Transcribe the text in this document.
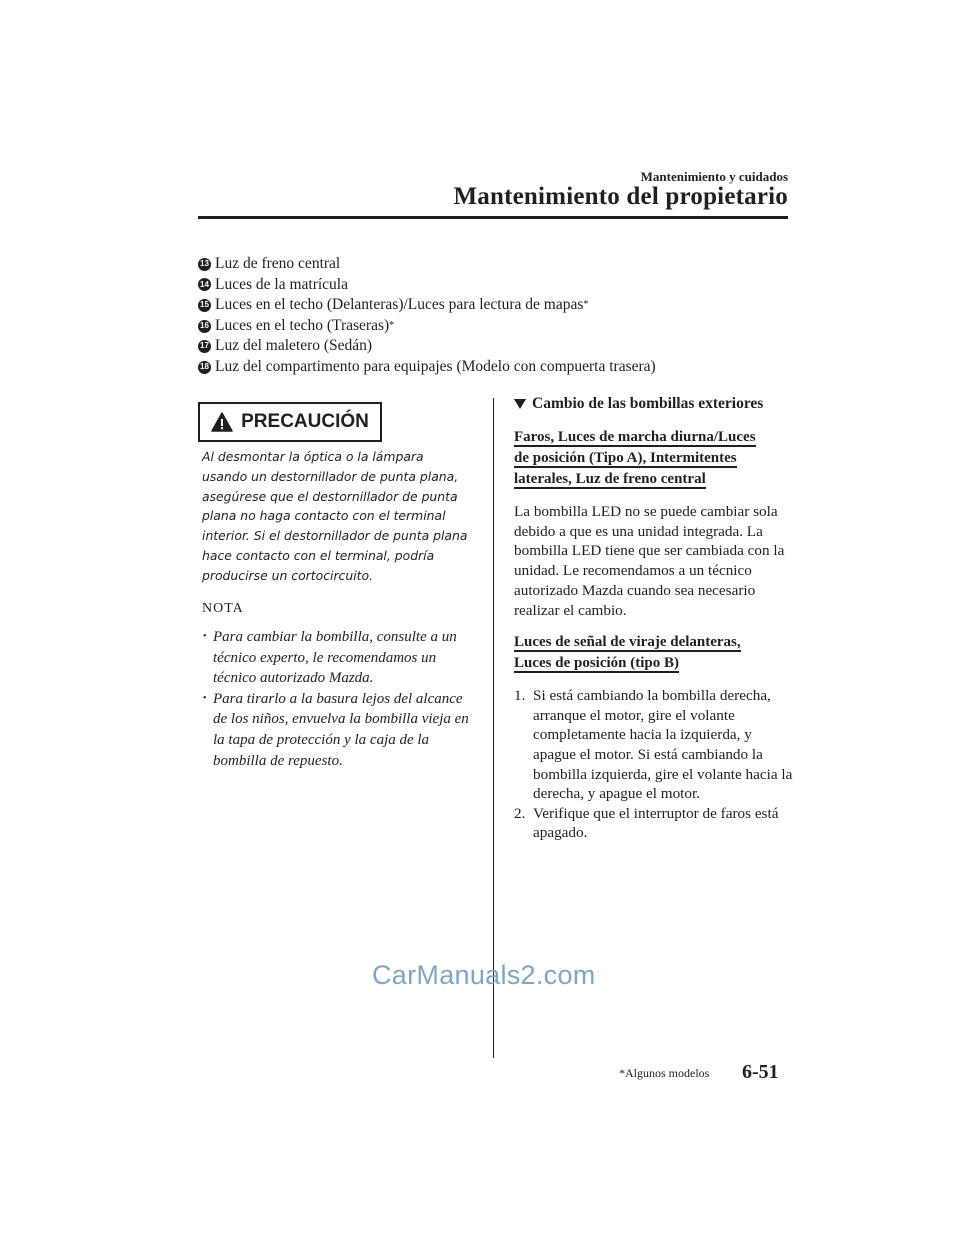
Mantenimiento y cuidados
Mantenimiento del propietario
13 Luz de freno central
14 Luces de la matrícula
15 Luces en el techo (Delanteras)/Luces para lectura de mapas *
16 Luces en el techo (Traseras) *
17 Luz del maletero (Sedán)
18 Luz del compartimento para equipajes (Modelo con compuerta trasera)
PRECAUCIÓN

Al desmontar la óptica o la lámpara usando un destornillador de punta plana, asegúrese que el destornillador de punta plana no haga contacto con el terminal interior. Si el destornillador de punta plana hace contacto con el terminal, podría producirse un cortocircuito.

NOTA
• Para cambiar la bombilla, consulte a un técnico experto, le recomendamos un técnico autorizado Mazda.
• Para tirarlo a la basura lejos del alcance de los niños, envuelva la bombilla vieja en la tapa de protección y la caja de la bombilla de repuesto.

Cambio de las bombillas exteriores

Faros, Luces de marcha diurna/Luces

de posición (Tipo A), Intermitentes

laterales, Luz de freno central

La bombilla LED no se puede cambiar sola debido a que es una unidad integrada. La bombilla LED tiene que ser cambiada con la unidad. Le recomendamos a un técnico autorizado Mazda cuando sea necesario realizar el cambio.

Luces de señal de viraje delanteras,

Luces de posición (tipo B)

1. Si está cambiando la bombilla derecha, arranque el motor, gire el volante completamente hacia la izquierda, y apague el motor. Si está cambiando la bombilla izquierda, gire el volante hacia la derecha, y apague el motor.
2. Verifique que el interruptor de faros está apagado.
CarManuals2.com
*Algunos modelos 6-51
